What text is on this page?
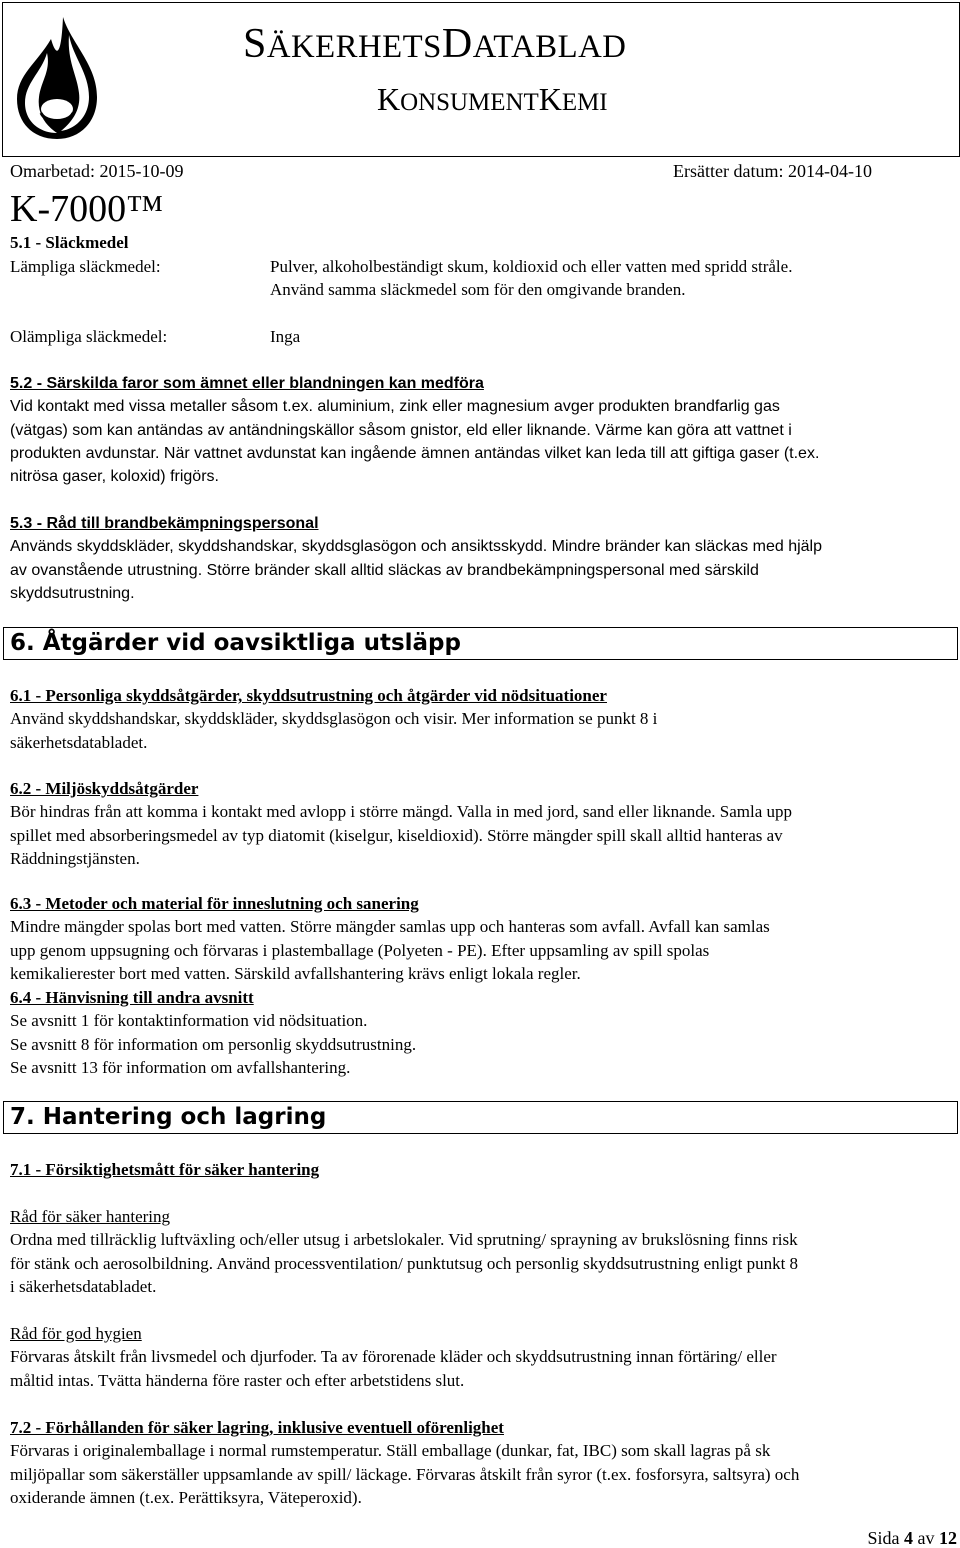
SÄKERHETSDATABLAD
KONSUMENTKEMI
Omarbetad: 2015-10-09	Ersätter datum: 2014-04-10
K-7000™
5.1 - Släckmedel
Lämpliga släckmedel:	Pulver, alkoholbeständigt skum, koldioxid och eller vatten med spridd stråle.
Använd samma släckmedel som för den omgivande branden.
Olämpliga släckmedel:	Inga
5.2 - Särskilda faror som ämnet eller blandningen kan medföra
Vid kontakt med vissa metaller såsom t.ex. aluminium, zink eller magnesium avger produkten brandfarlig gas
(vätgas) som kan antändas av antändningskällor såsom gnistor, eld eller liknande. Värme kan göra att vattnet i
produkten avdunstar. När vattnet avdunstat kan ingående ämnen antändas vilket kan leda till att giftiga gaser (t.ex.
nitrösa gaser, koloxid) frigörs.
5.3 - Råd till brandbekämpningspersonal
Används skyddskläder, skyddshandskar, skyddsglasögon och ansiktsskydd. Mindre bränder kan släckas med hjälp
av ovanstående utrustning. Större bränder skall alltid släckas av brandbekämpningspersonal med särskild
skyddsutrustning.
6. Åtgärder vid oavsiktliga utsläpp
6.1 - Personliga skyddsåtgärder, skyddsutrustning och åtgärder vid nödsituationer
Använd skyddshandskar, skyddskläder, skyddsglasögon och visir. Mer information se punkt 8 i
säkerhetsdatabladet.
6.2 - Miljöskyddsåtgärder
Bör hindras från att komma i kontakt med avlopp i större mängd. Valla in med jord, sand eller liknande. Samla upp
spillet med absorberingsmedel av typ diatomit (kiselgur, kiseldioxid). Större mängder spill skall alltid hanteras av
Räddningstjänsten.
6.3 - Metoder och material för inneslutning och sanering
Mindre mängder spolas bort med vatten. Större mängder samlas upp och hanteras som avfall. Avfall kan samlas
upp genom uppsugning och förvaras i plastemballage (Polyeten - PE). Efter uppsamling av spill spolas
kemikalierester bort med vatten. Särskild avfallshantering krävs enligt lokala regler.
6.4 - Hänvisning till andra avsnitt
Se avsnitt 1 för kontaktinformation vid nödsituation.
Se avsnitt 8 för information om personlig skyddsutrustning.
Se avsnitt 13 för information om avfallshantering.
7. Hantering och lagring
7.1 - Försiktighetsmått för säker hantering
Råd för säker hantering
Ordna med tillräcklig luftväxling och/eller utsug i arbetslokaler. Vid sprutning/ sprayning av brukslösning finns risk
för stänk och aerosolbildning. Använd processventilation/ punktutsug och personlig skyddsutrustning enligt punkt 8
i säkerhetsdatabladet.
Råd för god hygien
Förvaras åtskilt från livsmedel och djurfoder. Ta av förorenade kläder och skyddsutrustning innan förtäring/ eller
måltid intas. Tvätta händerna före raster och efter arbetstidens slut.
7.2 - Förhållanden för säker lagring, inklusive eventuell oförenlighet
Förvaras i originalemballage i normal rumstemperatur. Ställ emballage (dunkar, fat, IBC) som skall lagras på sk
miljöpallar som säkerställer uppsamlande av spill/ läckage. Förvaras åtskilt från syror (t.ex. fosforsyra, saltsyra) och
oxiderande ämnen (t.ex. Perättiksyra, Väteperoxid).
Sida 4 av 12
